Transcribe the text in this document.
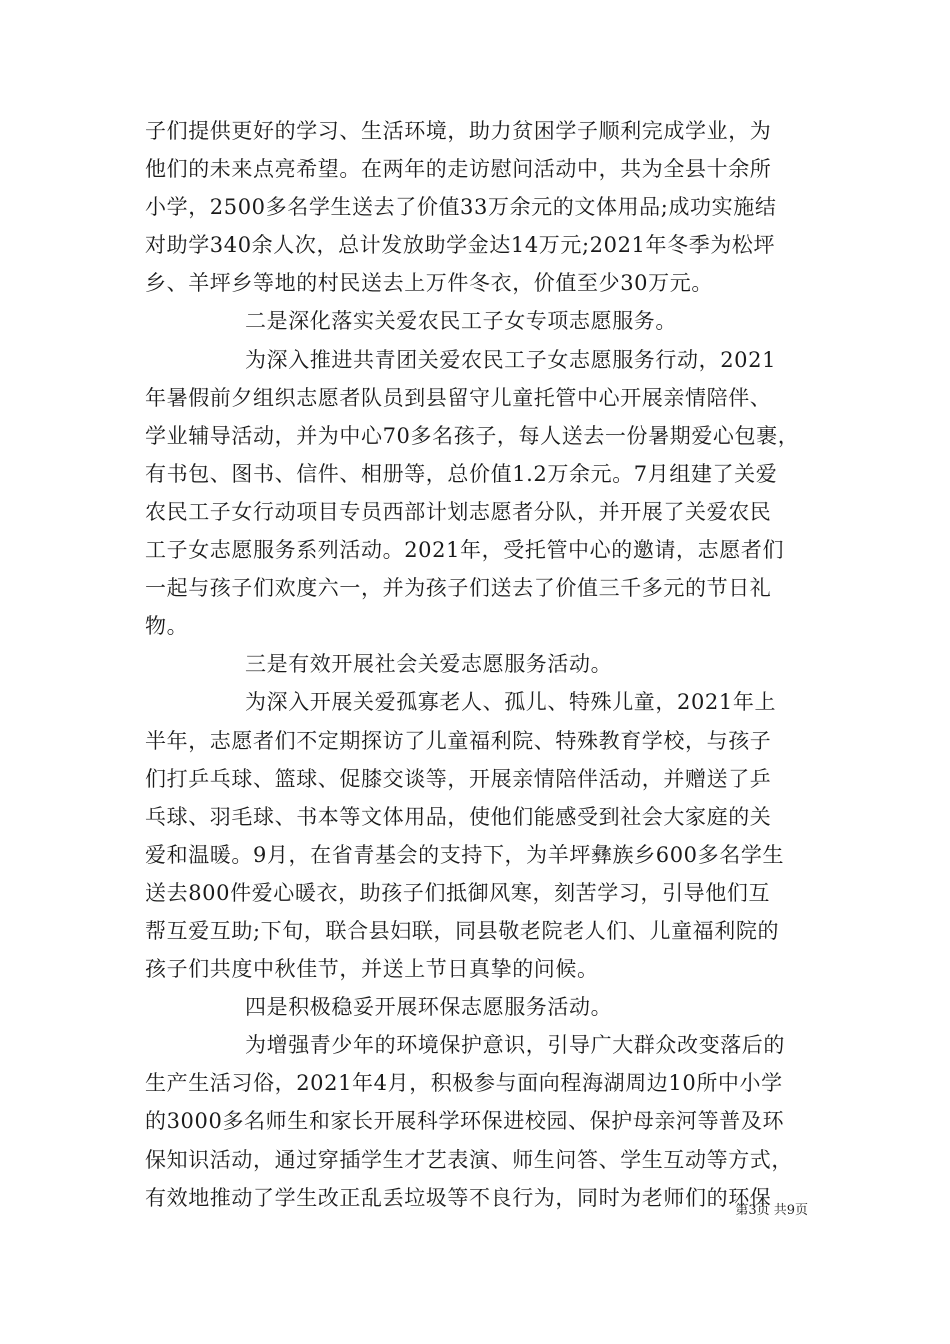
子们提供更好的学习、生活环境，助力贫困学子顺利完成学业，为
他们的未来点亮希望。在两年的走访慰问活动中，共为全县十余所
小学，2500多名学生送去了价值33万余元的文体用品;成功实施结
对助学340余人次，总计发放助学金达14万元;2021年冬季为松坪
乡、羊坪乡等地的村民送去上万件冬衣，价值至少30万元。
二是深化落实关爱农民工子女专项志愿服务。
为深入推进共青团关爱农民工子女志愿服务行动，2021
年暑假前夕组织志愿者队员到县留守儿童托管中心开展亲情陪伴、
学业辅导活动，并为中心70多名孩子，每人送去一份暑期爱心包裹，
有书包、图书、信件、相册等，总价值1.2万余元。7月组建了关爱
农民工子女行动项目专员西部计划志愿者分队，并开展了关爱农民
工子女志愿服务系列活动。2021年，受托管中心的邀请，志愿者们
一起与孩子们欢度六一，并为孩子们送去了价值三千多元的节日礼
物。
三是有效开展社会关爱志愿服务活动。
为深入开展关爱孤寡老人、孤儿、特殊儿童，2021年上
半年，志愿者们不定期探访了儿童福利院、特殊教育学校，与孩子
们打乒乓球、篮球、促膝交谈等，开展亲情陪伴活动，并赠送了乒
乓球、羽毛球、书本等文体用品，使他们能感受到社会大家庭的关
爱和温暖。9月，在省青基会的支持下，为羊坪彝族乡600多名学生
送去800件爱心暖衣，助孩子们抵御风寒，刻苦学习，引导他们互
帮互爱互助;下旬，联合县妇联，同县敬老院老人们、儿童福利院的
孩子们共度中秋佳节，并送上节日真挚的问候。
四是积极稳妥开展环保志愿服务活动。
为增强青少年的环境保护意识，引导广大群众改变落后的
生产生活习俗，2021年4月，积极参与面向程海湖周边10所中小学
的3000多名师生和家长开展科学环保进校园、保护母亲河等普及环
保知识活动，通过穿插学生才艺表演、师生问答、学生互动等方式，
有效地推动了学生改正乱丢垃圾等不良行为，同时为老师们的环保
第3页 共9页
